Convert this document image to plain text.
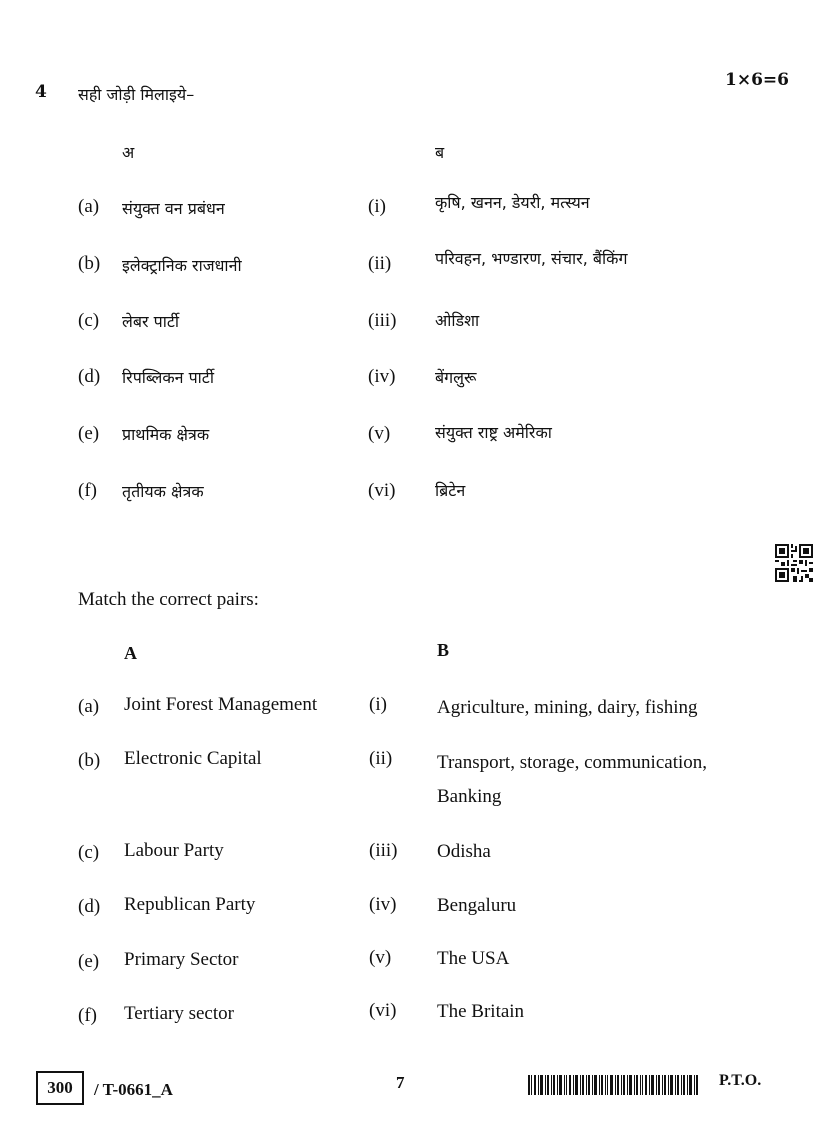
4 सही जोड़ी मिलाइये–
1×6=6
अ	ब
(a) संयुक्त वन प्रबंधन	(i)	कृषि, खनन, डेयरी, मत्स्यन
(b) इलेक्ट्रानिक राजधानी	(ii)	परिवहन, भण्डारण, संचार, बैंकिंग
(c) लेबर पार्टी	(iii) ओडिशा
(d) रिपब्लिकन पार्टी	(iv) बेंगलुरू
(e) प्राथमिक क्षेत्रक	(v)	संयुक्त राष्ट्र अमेरिका
(f) तृतीयक क्षेत्रक	(vi) ब्रिटेन
Match the correct pairs:
A	B
(a) Joint Forest Management	(i)	Agriculture, mining, dairy, fishing
(b) Electronic Capital	(ii) Transport, storage, communication,
Banking
(c) Labour Party	(iii) Odisha
(d) Republican Party	(iv) Bengaluru
(e) Primary Sector	(v) The USA
(f) Tertiary sector	(vi) The Britain
300 / T-0661_A	7	P.T.O.
